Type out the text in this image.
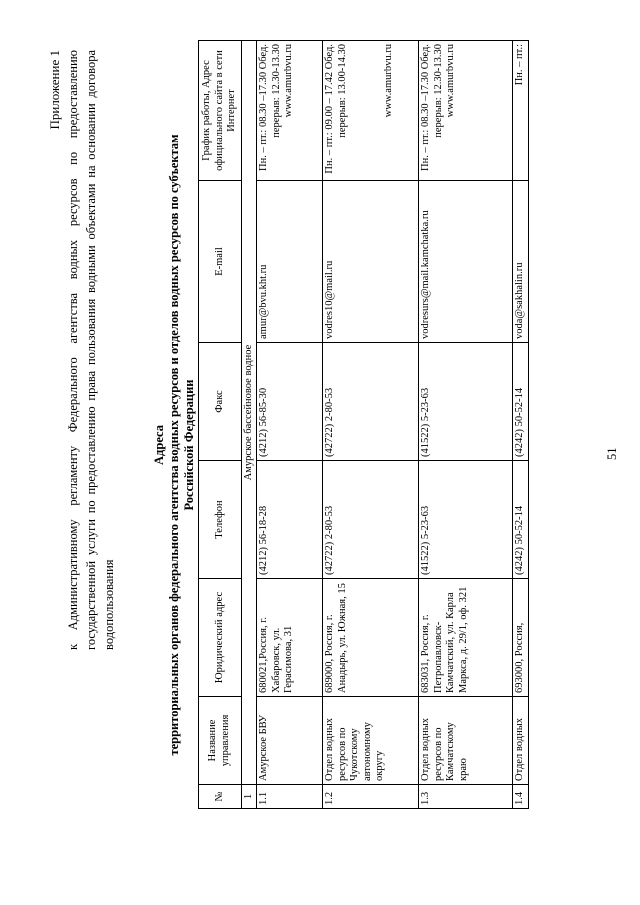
Приложение 1 к Административному регламенту Федерального агентства водных ресурсов по предоставлению государственной услуги по предоставлению права пользования водными объектами на основании договора водопользования
Адреса территориальных органов федерального агентства водных ресурсов и отделов водных ресурсов по субъектам Российской Федерации
№	Название управления	Юридический адрес	Телефон	Факс	E-mail	График работы, Адрес официального сайта в сети Интернет
1	Амурское бассейновое водное					
1.1	Амурское БВУ	680021,Россия, г. Хабаровск, ул. Герасимова, 31	(4212) 56-18-28	(4212) 56-85-30	amur@bvu.kht.ru	Пн. – пт.: 08.30 –17.30 Обед. перерыв: 12.30-13.30 www.amurbvu.ru

1.2	Отдел водных ресурсов по Чукотскому автономному округу	689000, Россия, г. Анадырь, ул. Южная, 15	(42722) 2-80-53	(42722) 2-80-53	vodres10@mail.ru	Пн. – пт.: 09.00 – 17.42 Обед. перерыв: 13.00-14.30 www.amurbvu.ru

1.3	Отдел водных ресурсов по Камчатскому краю	683031, Россия, г. Петропавловск-Камчатский, ул. Карла Маркса, д. 29/1, оф. 321	(41522) 5-23-63	(41522) 5-23-63	vodresurs@mail.kamchatka.ru	Пн. – пт.: 08.30 –17.30 Обед. перерыв: 12.30-13.30 www.amurbvu.ru

1.4	Отдел водных	693000, Россия,	(4242) 50-52-14	(4242) 50-52-14	voda@sakhalin.ru	Пн. – пт.:
51
